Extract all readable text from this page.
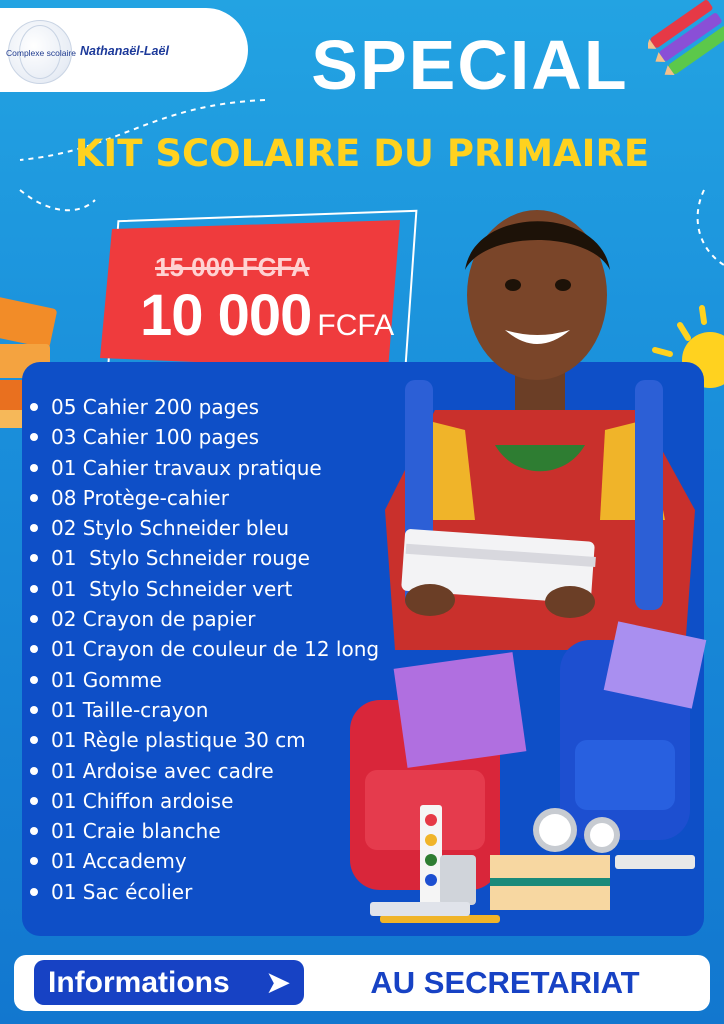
Complexe scolaire Nathanaël-Laël	SPECIAL
KIT SCOLAIRE DU PRIMAIRE
15 000 FCFA
10 000 FCFA
05 Cahier 200 pages
03 Cahier 100 pages
01 Cahier travaux pratique
08 Protège-cahier
02 Stylo Schneider bleu
01  Stylo Schneider rouge
01  Stylo Schneider vert
02 Crayon de papier
01 Crayon de couleur de 12 long
01 Gomme
01 Taille-crayon
01 Règle plastique 30 cm
01 Ardoise avec cadre
01 Chiffon ardoise
01 Craie blanche
01 Accademy
01 Sac écolier
Informations ➤	AU SECRETARIAT
